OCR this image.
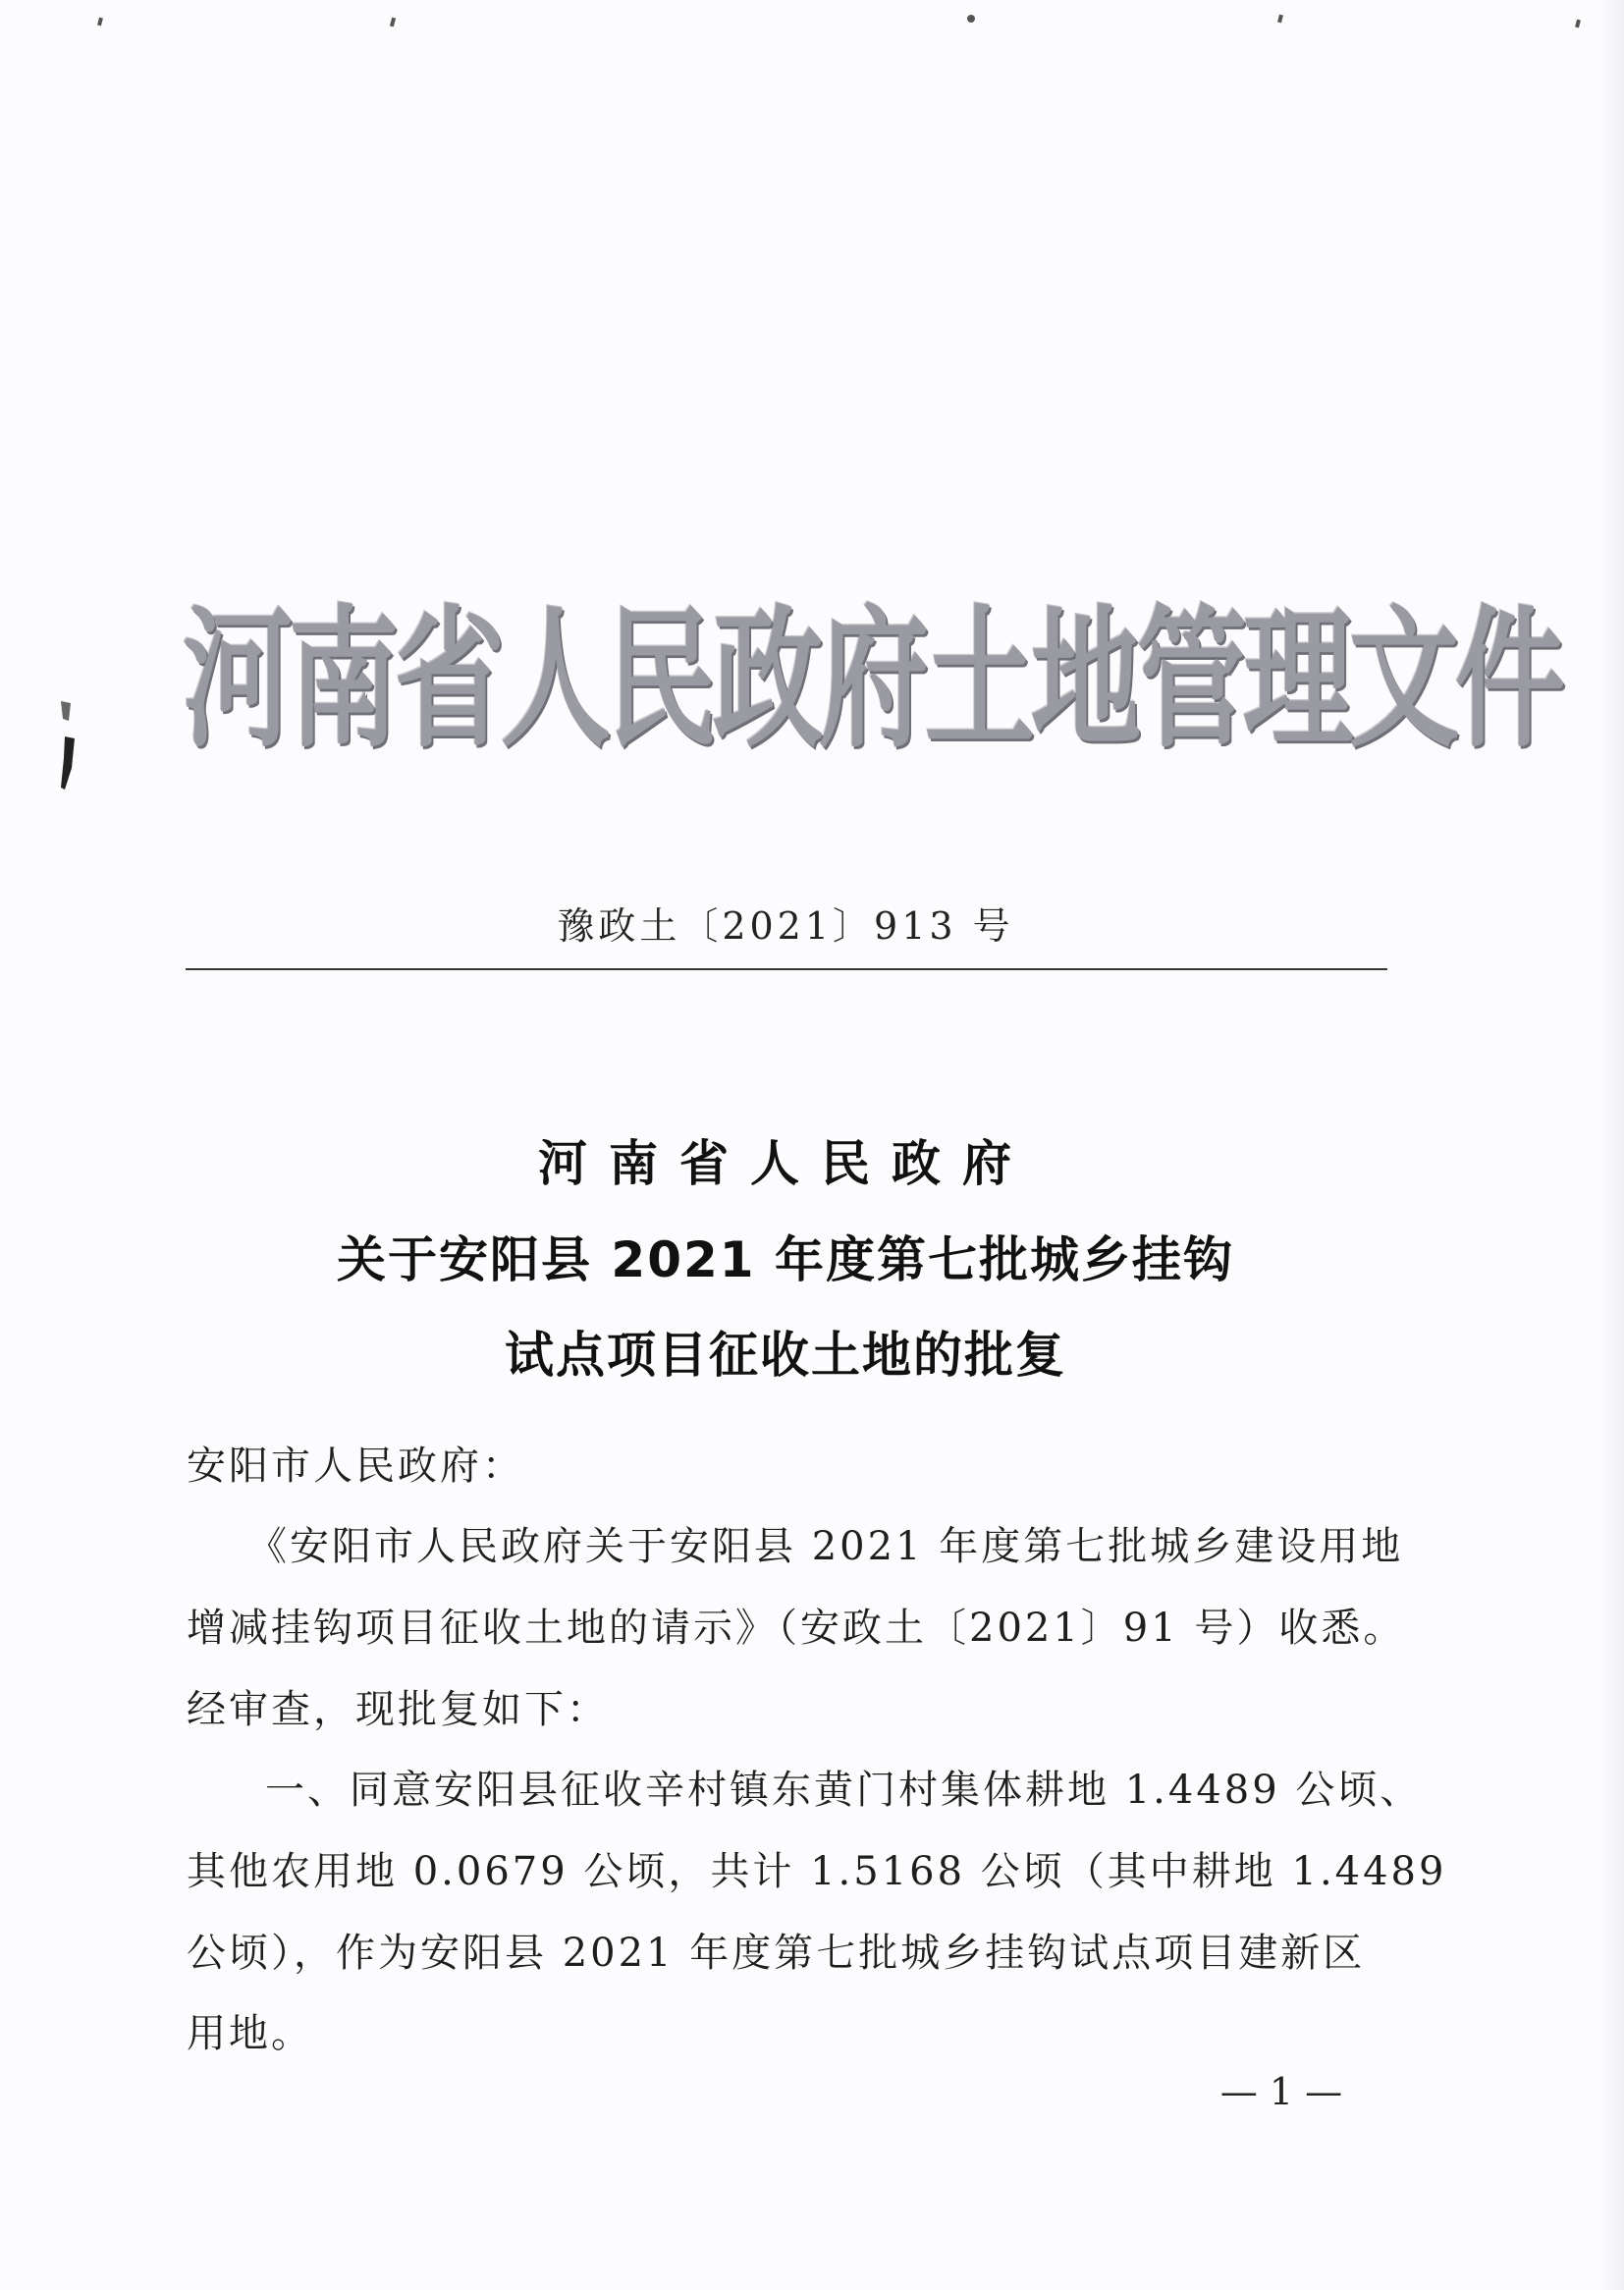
河南省人民政府土地管理文件
豫政土〔2021〕913 号
河南省人民政府
关于安阳县 2021 年度第七批城乡挂钩
试点项目征收土地的批复
安阳市人民政府：
《安阳市人民政府关于安阳县 2021 年度第七批城乡建设用地
增减挂钩项目征收土地的请示》（安政土〔2021〕91 号）收悉。
经审查，现批复如下：
一、同意安阳县征收辛村镇东黄门村集体耕地 1.4489 公顷、
其他农用地 0.0679 公顷，共计 1.5168 公顷（其中耕地 1.4489
公顷），作为安阳县 2021 年度第七批城乡挂钩试点项目建新区
用地。
— 1 —
